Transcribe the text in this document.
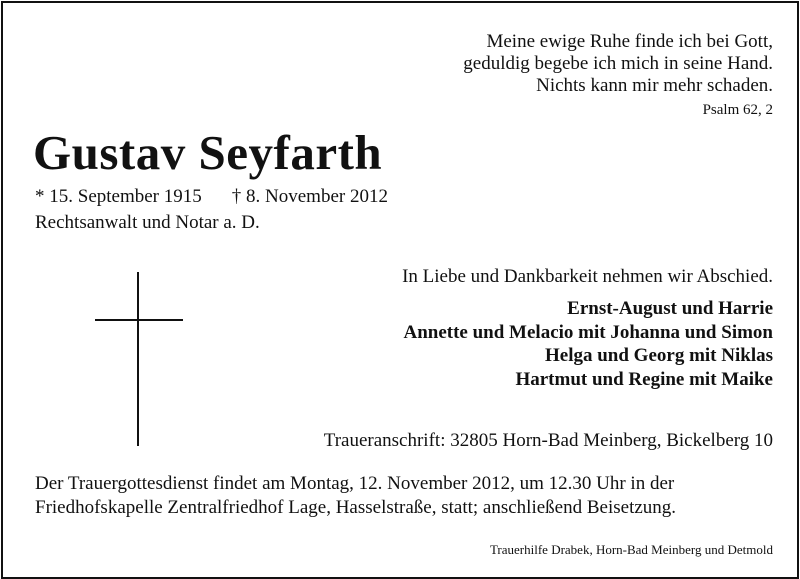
Meine ewige Ruhe finde ich bei Gott,
geduldig begebe ich mich in seine Hand.
Nichts kann mir mehr schaden.
Psalm 62, 2
Gustav Seyfarth
* 15. September 1915 † 8. November 2012
Rechtsanwalt und Notar a. D.
In Liebe und Dankbarkeit nehmen wir Abschied.
Ernst-August und Harrie
Annette und Melacio mit Johanna und Simon
Helga und Georg mit Niklas
Hartmut und Regine mit Maike
Traueranschrift: 32805 Horn-Bad Meinberg, Bickelberg 10
Der Trauergottesdienst findet am Montag, 12. November 2012, um 12.30 Uhr in der
Friedhofskapelle Zentralfriedhof Lage, Hasselstraße, statt; anschließend Beisetzung.
Trauerhilfe Drabek, Horn-Bad Meinberg und Detmold
